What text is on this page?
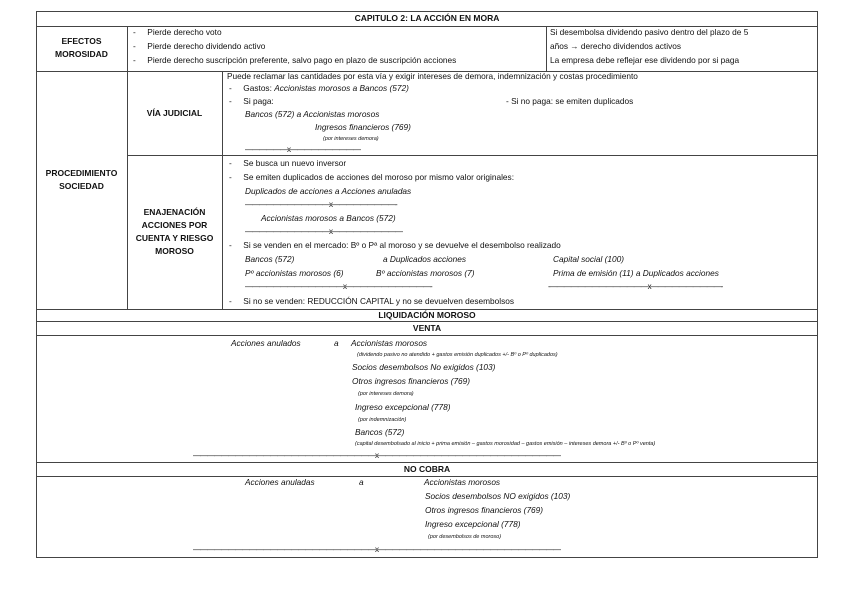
CAPITULO 2: LA ACCIÓN EN MORA
EFECTOS
MOROSIDAD
-     Pierde derecho voto
-     Pierde derecho dividendo activo
-     Pierde derecho suscripción preferente, salvo pago en plazo de suscripción acciones
Si desembolsa dividendo pasivo dentro del plazo de 5
años → derecho dividendos activos
La empresa debe reflejar ese dividendo por si paga
PROCEDIMIENTO
SOCIEDAD
VÍA JUDICIAL
Puede reclamar las cantidades por esta vía y exigir intereses de demora, indemnización y costas procedimiento
-     Gastos: Accionistas morosos a Bancos (572)
-     Si paga:	- Si no paga: se emiten duplicados
Bancos (572) a Accionistas morosos
Ingresos financieros (769)
(por intereses demora)
——————x——————————
ENAJENACIÓN
ACCIONES POR
CUENTA Y RIESGO
MOROSO
-     Se busca un nuevo inversor
-     Se emiten duplicados de acciones del moroso por mismo valor originales:
Duplicados de acciones a Acciones anuladas
————————————x—————————-
Accionistas morosos a Bancos (572)
————————————x——————————
-     Si se venden en el mercado: Bº o Pª al moroso y se devuelve el desembolso realizado
Bancos (572)	a Duplicados acciones	Capital social (100)
Pº accionistas morosos (6)	Bº accionistas morosos (7)	Prima de emisión (11) a Duplicados acciones
——————————————x————————————-	-——————————————x——————————-
-     Si no se venden: REDUCCIÓN CAPITAL y no se devuelven desembolsos
LIQUIDACIÓN MOROSO
VENTA
Acciones anulados	a Accionistas morosos
(dividendo pasivo no atendido + gastos emisión duplicados +/- Bº o Pº duplicados)
Socios desembolsos No exigidos (103)
Otros ingresos financieros (769)
(por intereses demora)
Ingreso excepcional (778)
(por indemnización)
Bancos (572)
(capital desembolsado al inicio + prima emisión – gastos morosidad – gastos emisión – intereses demora +/- Bº o Pº venta)
——————————————————————————x——————————————————————————
NO COBRA
Acciones anuladas	a	Accionistas morosos
Socios desembolsos NO exigidos (103)
Otros ingresos financieros (769)
Ingreso excepcional (778)
(por desembolsos de moroso)
——————————————————————————x——————————————————————————
